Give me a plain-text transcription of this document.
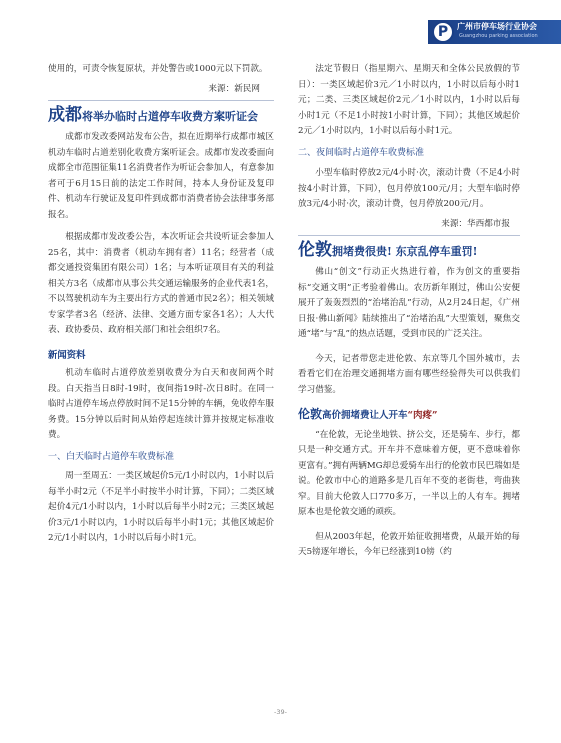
P	广州市停车场行业协会
Guangzhou parking association

使用的，可责令恢复原状，并处警告或1000元以下罚款。

来源：新民网

成都将举办临时占道停车收费方案听证会

成都市发改委网站发布公告，拟在近期举行成都市城区机动车临时占道差别化收费方案听证会。成都市发改委面向成都全市范围征集11名消费者作为听证会参加人，有意参加者可于6月15日前的法定工作时间，持本人身份证及复印件、机动车行驶证及复印件到成都市消费者协会法律事务部报名。

根据成都市发改委公告，本次听证会共设听证会参加人25名，其中：消费者（机动车拥有者）11名；经营者（成都交通投资集团有限公司）1名；与本听证项目有关的利益相关方3名（成都市从事公共交通运输服务的企业代表1名，不以驾驶机动车为主要出行方式的普通市民2名）；相关领域专家学者3名（经济、法律、交通方面专家各1名）；人大代表、政协委员、政府相关部门和社会组织7名。

新闻资料

机动车临时占道停放差别收费分为白天和夜间两个时段。白天指当日8时-19时，夜间指19时-次日8时。在同一临时占道停车场点停放时间不足15分钟的车辆，免收停车服务费。15分钟以后时间从始停起连续计算并按规定标准收费。

一、白天临时占道停车收费标准

周一至周五：一类区域起价5元/1小时以内，1小时以后每半小时2元（不足半小时按半小时计算，下同）；二类区域起价4元/1小时以内，1小时以后每半小时2元；三类区域起价3元/1小时以内，1小时以后每半小时1元；其他区域起价2元/1小时以内，1小时以后每小时1元。

法定节假日（指星期六、星期天和全体公民放假的节日）：一类区域起价3元／1小时以内，1小时以后每小时1元；二类、三类区域起价2元／1小时以内，1小时以后每小时1元（不足1小时按1小时计算，下同）；其他区域起价2元／1小时以内，1小时以后每小时1元。

二、夜间临时占道停车收费标准

小型车临时停放2元/4小时·次，滚动计费（不足4小时按4小时计算，下同），包月停放100元/月；大型车临时停放3元/4小时·次，滚动计费，包月停放200元/月。

来源：华西都市报

伦敦拥堵费很贵! 东京乱停车重罚!

佛山“创文”行动正火热进行着，作为创文的重要指标“交通文明”正考验着佛山。农历新年刚过，佛山公安便展开了轰轰烈烈的“治堵治乱”行动，从2月24日起，《广州日报·佛山新闻》陆续推出了“治堵治乱”大型策划，聚焦交通“堵”与“乱”的热点话题，受到市民的广泛关注。

今天，记者带您走进伦敦、东京等几个国外城市，去看看它们在治理交通拥堵方面有哪些经验得失可以供我们学习借鉴。

伦敦高价拥堵费让人开车“肉疼”

“在伦敦，无论坐地铁、挤公交，还是骑车、步行，都只是一种交通方式。开车并不意味着方便，更不意味着你更富有。”拥有两辆MG却总爱骑车出行的伦敦市民巴瑞如是说。伦敦市中心的道路多是几百年不变的老街巷，弯曲狭窄。目前大伦敦人口770多万，一半以上的人有车。拥堵原本也是伦敦交通的顽疾。

但从2003年起，伦敦开始征收拥堵费，从最开始的每天5镑逐年增长，今年已经涨到10镑（约

-39-
